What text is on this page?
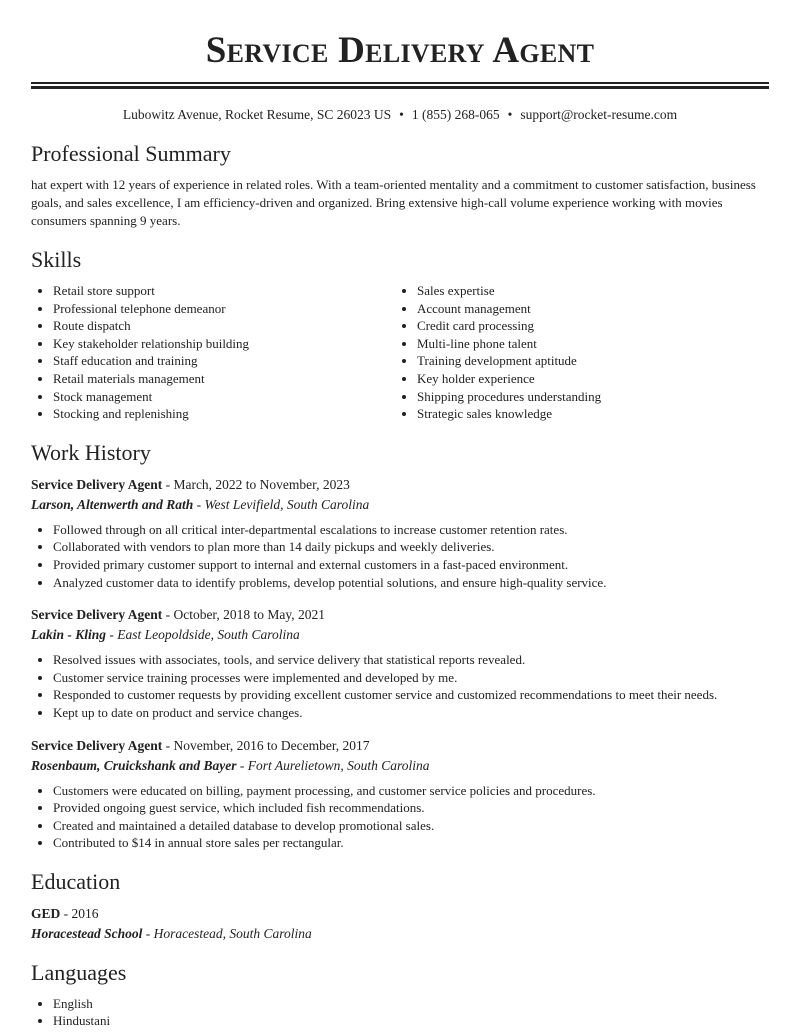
Service Delivery Agent
Lubowitz Avenue, Rocket Resume, SC 26023 US • 1 (855) 268-065 • support@rocket-resume.com
Professional Summary

hat expert with 12 years of experience in related roles. With a team-oriented mentality and a commitment to customer satisfaction, business goals, and sales excellence, I am efficiency-driven and organized. Bring extensive high-call volume experience working with movies consumers spanning 9 years.

Skills
• Retail store support
• Professional telephone demeanor
• Route dispatch
• Key stakeholder relationship building
• Staff education and training
• Retail materials management
• Stock management
• Stocking and replenishing
• Sales expertise
• Account management
• Credit card processing
• Multi-line phone talent
• Training development aptitude
• Key holder experience
• Shipping procedures understanding
• Strategic sales knowledge
Work History
Service Delivery Agent - March, 2022 to November, 2023
Larson, Altenwerth and Rath - West Levifield, South Carolina
• Followed through on all critical inter-departmental escalations to increase customer retention rates.
• Collaborated with vendors to plan more than 14 daily pickups and weekly deliveries.
• Provided primary customer support to internal and external customers in a fast-paced environment.
• Analyzed customer data to identify problems, develop potential solutions, and ensure high-quality service.
Service Delivery Agent - October, 2018 to May, 2021
Lakin - Kling - East Leopoldside, South Carolina
• Resolved issues with associates, tools, and service delivery that statistical reports revealed.
• Customer service training processes were implemented and developed by me.
• Responded to customer requests by providing excellent customer service and customized recommendations to meet their needs.
• Kept up to date on product and service changes.
Service Delivery Agent - November, 2016 to December, 2017
Rosenbaum, Cruickshank and Bayer - Fort Aurelietown, South Carolina
• Customers were educated on billing, payment processing, and customer service policies and procedures.
• Provided ongoing guest service, which included fish recommendations.
• Created and maintained a detailed database to develop promotional sales.
• Contributed to $14 in annual store sales per rectangular.
Education
GED - 2016
Horacestead School - Horacestead, South Carolina
Languages
• English
• Hindustani
